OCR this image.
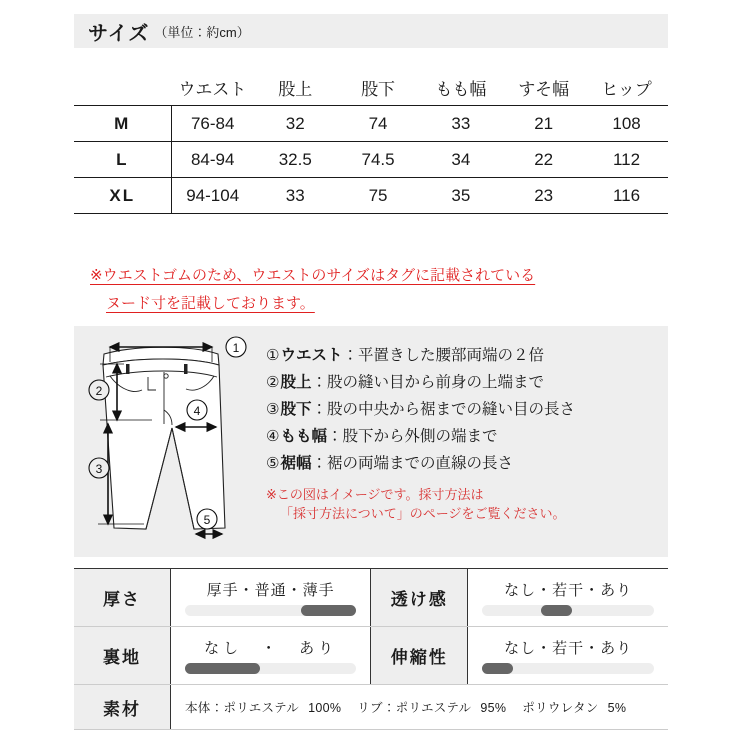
サイズ （単位：約cm）
	ウエスト	股上	股下	もも幅	すそ幅	ヒップ
M	76-84	32	74	33	21	108
L	84-94	32.5	74.5	34	22	112
XL	94-104	33	75	35	23	116
※ウエストゴムのため、ウエストのサイズはタグに記載されている
ヌード寸を記載しております。
1
2
3
4
5
①ウエスト：平置きした腰部両端の２倍
②股上：股の縫い目から前身の上端まで
③股下：股の中央から裾までの縫い目の長さ
④もも幅：股下から外側の端まで
⑤裾幅：裾の両端までの直線の長さ
※この図はイメージです。採寸方法は
「採寸方法について」のページをご覧ください。
厚さ	厚手・普通・薄手	透け感	なし・若干・あり

裏地	なし　・　あり	伸縮性	なし・若干・あり

素材	本体：ポリエステル 100% リブ：ポリエステル 95% ポリウレタン 5%		
